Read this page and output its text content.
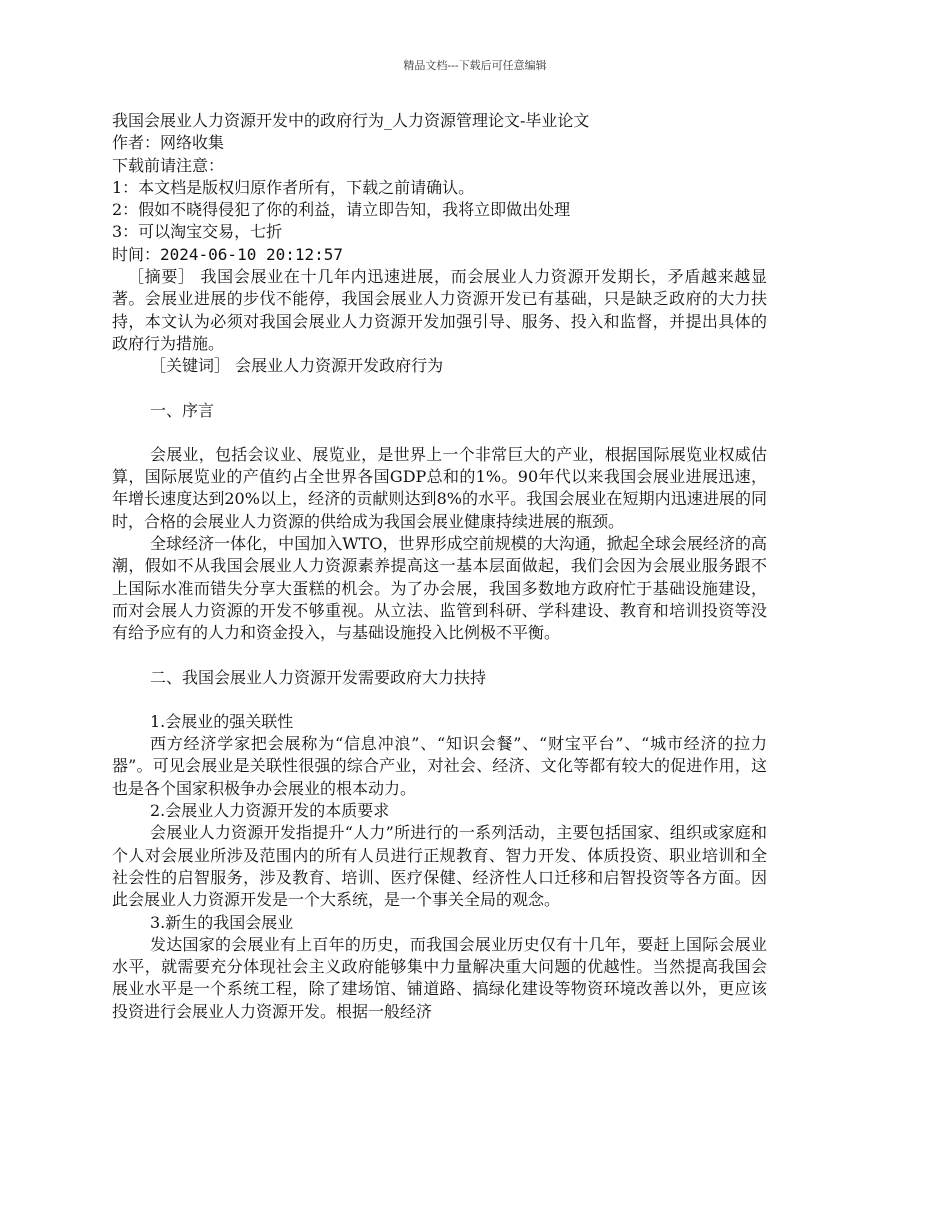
精品文档---下载后可任意编辑
我国会展业人力资源开发中的政府行为_人力资源管理论文-毕业论文
作者：网络收集
下载前请注意：
1：本文档是版权归原作者所有，下载之前请确认。
2：假如不晓得侵犯了你的利益，请立即告知，我将立即做出处理
3：可以淘宝交易，七折
时间：2024-06-10 20:12:57

［摘要］ 我国会展业在十几年内迅速进展，而会展业人力资源开发期长，矛盾越来越显著。会展业进展的步伐不能停，我国会展业人力资源开发已有基础，只是缺乏政府的大力扶持，本文认为必须对我国会展业人力资源开发加强引导、服务、投入和监督，并提出具体的政府行为措施。

［关键词］ 会展业人力资源开发政府行为

一、序言

会展业，包括会议业、展览业，是世界上一个非常巨大的产业，根据国际展览业权威估算，国际展览业的产值约占全世界各国GDP总和的1%。90年代以来我国会展业进展迅速，年增长速度达到20%以上，经济的贡献则达到8%的水平。我国会展业在短期内迅速进展的同时，合格的会展业人力资源的供给成为我国会展业健康持续进展的瓶颈。

全球经济一体化，中国加入WTO，世界形成空前规模的大沟通，掀起全球会展经济的高潮，假如不从我国会展业人力资源素养提高这一基本层面做起，我们会因为会展业服务跟不上国际水准而错失分享大蛋糕的机会。为了办会展，我国多数地方政府忙于基础设施建设，而对会展人力资源的开发不够重视。从立法、监管到科研、学科建设、教育和培训投资等没有给予应有的人力和资金投入，与基础设施投入比例极不平衡。

二、我国会展业人力资源开发需要政府大力扶持

1.会展业的强关联性

西方经济学家把会展称为“信息冲浪”、“知识会餐”、“财宝平台”、“城市经济的拉力器”。可见会展业是关联性很强的综合产业，对社会、经济、文化等都有较大的促进作用，这也是各个国家积极争办会展业的根本动力。

2.会展业人力资源开发的本质要求

会展业人力资源开发指提升“人力”所进行的一系列活动，主要包括国家、组织或家庭和个人对会展业所涉及范围内的所有人员进行正规教育、智力开发、体质投资、职业培训和全社会性的启智服务，涉及教育、培训、医疗保健、经济性人口迁移和启智投资等各方面。因此会展业人力资源开发是一个大系统，是一个事关全局的观念。

3.新生的我国会展业

发达国家的会展业有上百年的历史，而我国会展业历史仅有十几年，要赶上国际会展业水平，就需要充分体现社会主义政府能够集中力量解决重大问题的优越性。当然提高我国会展业水平是一个系统工程，除了建场馆、铺道路、搞绿化建设等物资环境改善以外，更应该投资进行会展业人力资源开发。根据一般经济
